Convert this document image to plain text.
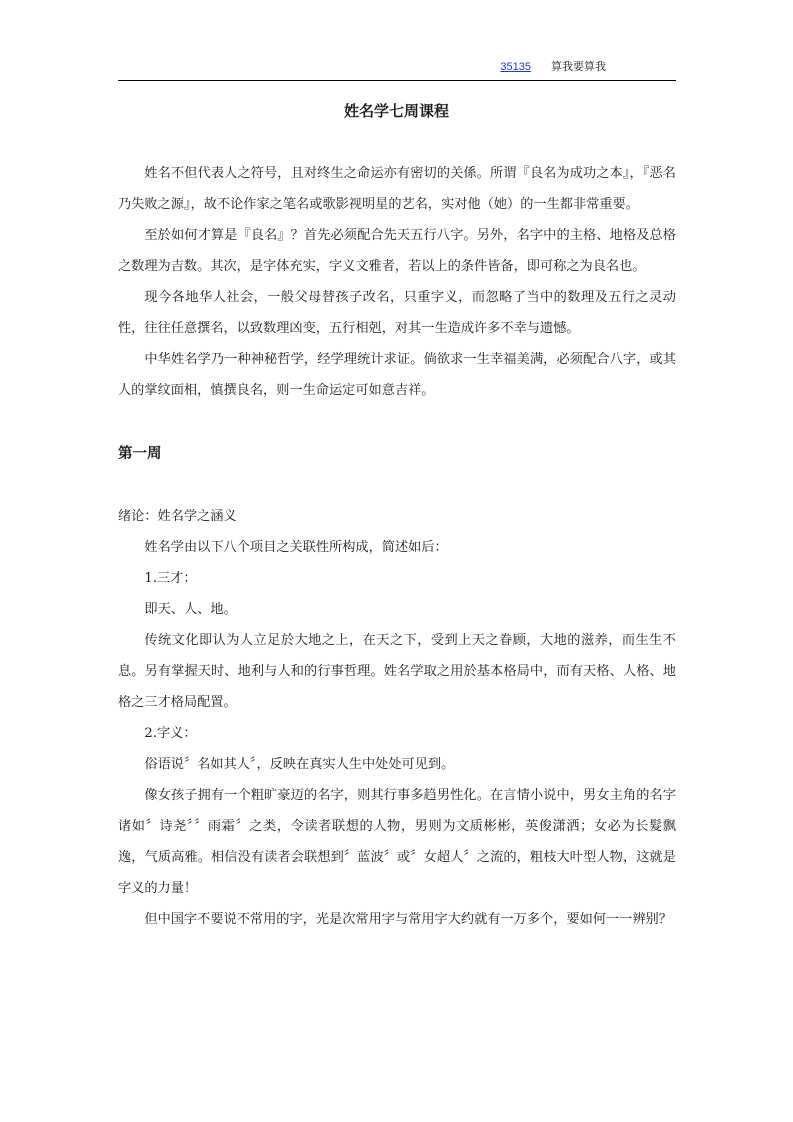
35135 算我要算我
姓名学七周课程

姓名不但代表人之符号，且对终生之命运亦有密切的关係。所谓『良名为成功之本』，『恶名乃失败之源』，故不论作家之笔名或歌影视明星的艺名，实对他（她）的一生都非常重要。

至於如何才算是『良名』？首先必须配合先天五行八字。另外，名字中的主格、地格及总格之数理为吉数。其次，是字体充实，字义文雅者，若以上的条件皆备，即可称之为良名也。

现今各地华人社会，一般父母替孩子改名，只重字义，而忽略了当中的数理及五行之灵动性，往往任意撰名，以致数理凶变，五行相剋，对其一生造成许多不幸与遗憾。

中华姓名学乃一种神秘哲学，经学理统计求证。倘欲求一生幸福美满，必须配合八字，或其人的掌纹面相，慎撰良名，则一生命运定可如意吉祥。

第一周

绪论：姓名学之涵义

姓名学由以下八个项目之关联性所构成，简述如后：

1.三才：

即天、人、地。

传统文化即认为人立足於大地之上，在天之下，受到上天之眷顾，大地的滋养，而生生不息。另有掌握天时、地利与人和的行事哲理。姓名学取之用於基本格局中，而有天格、人格、地格之三才格局配置。

2.字义：

俗语说〞名如其人〞，反映在真实人生中处处可见到。

像女孩子拥有一个粗旷豪迈的名字，则其行事多趋男性化。在言情小说中，男女主角的名字诸如〞诗尧〞〞雨霜〞之类，令读者联想的人物，男则为文质彬彬，英俊潇洒；女必为长髮飘逸，气质高雅。相信没有读者会联想到〞蓝波〞或〞女超人〞之流的，粗枝大叶型人物，这就是字义的力量！

但中国字不要说不常用的字，光是次常用字与常用字大约就有一万多个，要如何一一辨别？
